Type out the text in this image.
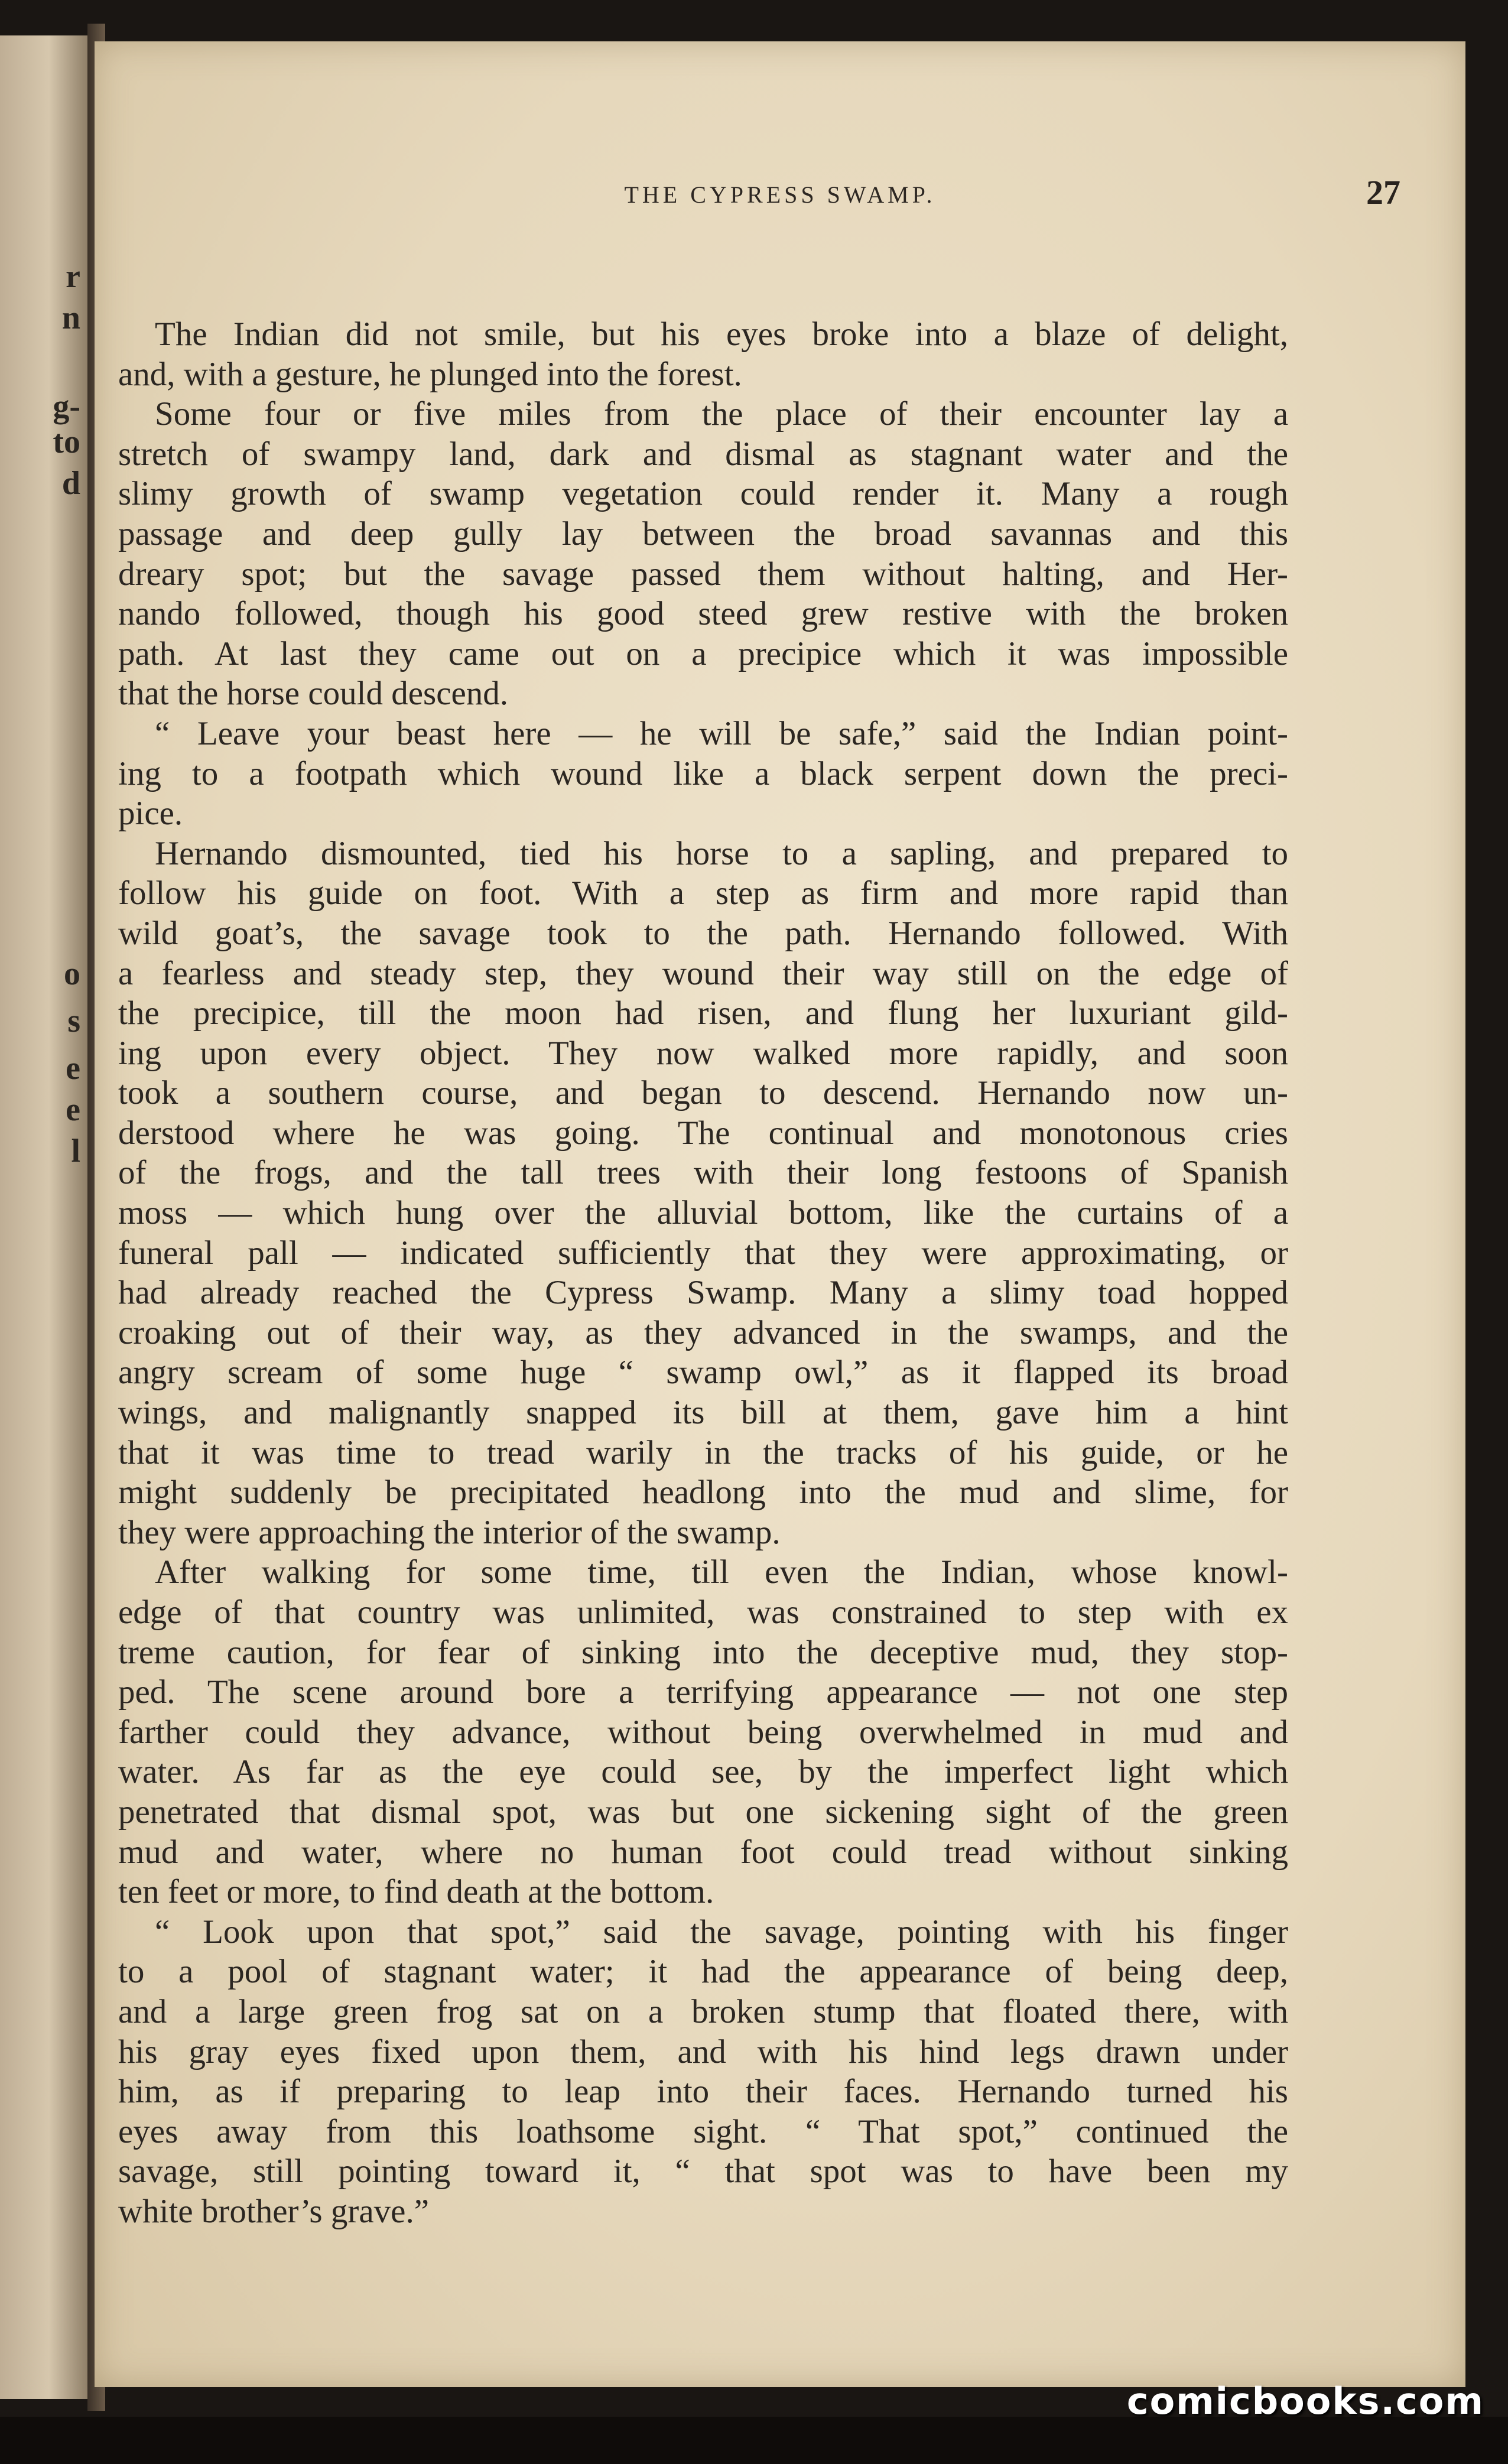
r
n
g-
to
d
o
s
e
e
l
THE CYPRESS SWAMP.	27
The Indian did not smile, but his eyes broke into a blaze of delight,
and, with a gesture, he plunged into the forest.
Some four or five miles from the place of their encounter lay a
stretch of swampy land, dark and dismal as stagnant water and the
slimy growth of swamp vegetation could render it. Many a rough
passage and deep gully lay between the broad savannas and this
dreary spot; but the savage passed them without halting, and Her-
nando followed, though his good steed grew restive with the broken
path. At last they came out on a precipice which it was impossible
that the horse could descend.
“ Leave your beast here — he will be safe,” said the Indian point-
ing to a footpath which wound like a black serpent down the preci-
pice.
Hernando dismounted, tied his horse to a sapling, and prepared to
follow his guide on foot. With a step as firm and more rapid than
wild goat’s, the savage took to the path. Hernando followed. With
a fearless and steady step, they wound their way still on the edge of
the precipice, till the moon had risen, and flung her luxuriant gild-
ing upon every object. They now walked more rapidly, and soon
took a southern course, and began to descend. Hernando now un-
derstood where he was going. The continual and monotonous cries
of the frogs, and the tall trees with their long festoons of Spanish
moss — which hung over the alluvial bottom, like the curtains of a
funeral pall — indicated sufficiently that they were approximating, or
had already reached the Cypress Swamp. Many a slimy toad hopped
croaking out of their way, as they advanced in the swamps, and the
angry scream of some huge “ swamp owl,” as it flapped its broad
wings, and malignantly snapped its bill at them, gave him a hint
that it was time to tread warily in the tracks of his guide, or he
might suddenly be precipitated headlong into the mud and slime, for
they were approaching the interior of the swamp.
After walking for some time, till even the Indian, whose knowl-
edge of that country was unlimited, was constrained to step with ex
treme caution, for fear of sinking into the deceptive mud, they stop-
ped. The scene around bore a terrifying appearance — not one step
farther could they advance, without being overwhelmed in mud and
water. As far as the eye could see, by the imperfect light which
penetrated that dismal spot, was but one sickening sight of the green
mud and water, where no human foot could tread without sinking
ten feet or more, to find death at the bottom.
“ Look upon that spot,” said the savage, pointing with his finger
to a pool of stagnant water; it had the appearance of being deep,
and a large green frog sat on a broken stump that floated there, with
his gray eyes fixed upon them, and with his hind legs drawn under
him, as if preparing to leap into their faces. Hernando turned his
eyes away from this loathsome sight. “ That spot,” continued the
savage, still pointing toward it, “ that spot was to have been my
white brother’s grave.”
comicbooks.com
